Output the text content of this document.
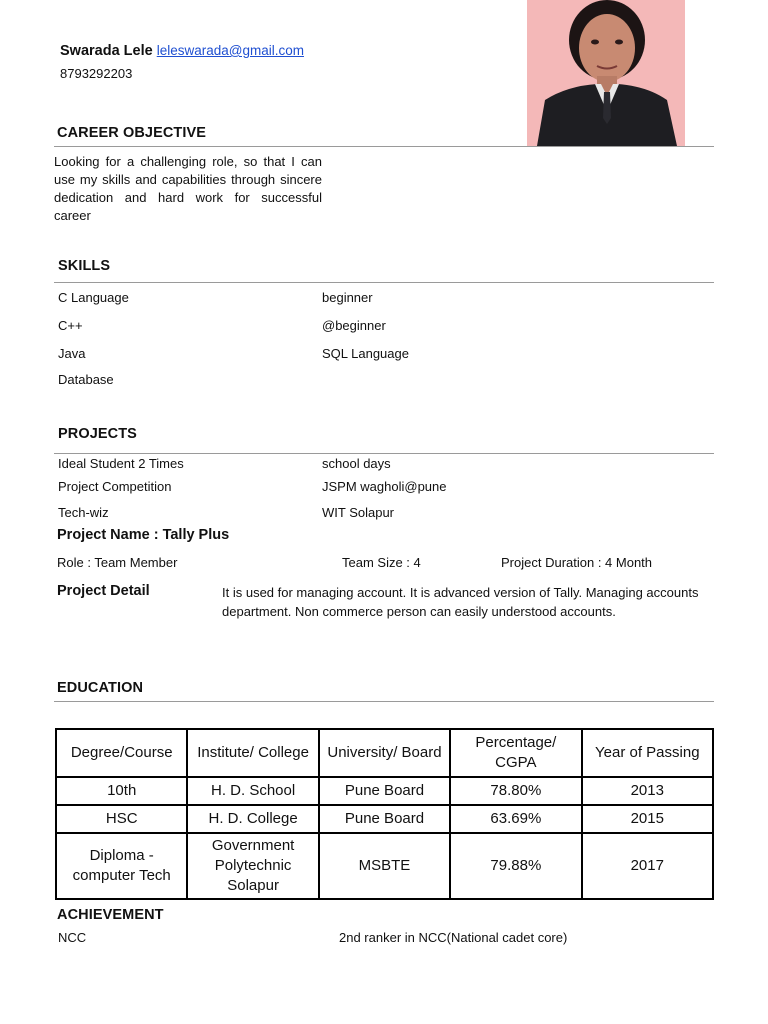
Swarada Lele leleswarada@gmail.com
8793292203
CAREER OBJECTIVE
Looking for a challenging role, so that I can use my skills and capabilities through sincere dedication and hard work for successful career
SKILLS
C Language	beginner
C++	@beginner
Java	SQL Language
Database
PROJECTS
Ideal Student 2 Times	school days
Project Competition	JSPM wagholi@pune
Tech-wiz	WIT Solapur
Project Name : Tally Plus
Role : Team Member	Team Size : 4	Project Duration : 4 Month
Project Detail	It is used for managing account. It is advanced version of Tally. Managing accounts department. Non commerce person can easily understood accounts.
EDUCATION
Degree/Course	Institute/ College	University/ Board	Percentage/ CGPA	Year of Passing
10th	H. D. School	Pune Board	78.80%	2013
HSC	H. D. College	Pune Board	63.69%	2015
Diploma - computer Tech	Government Polytechnic Solapur	MSBTE	79.88%	2017
ACHIEVEMENT
NCC	2nd ranker in NCC(National cadet core)
